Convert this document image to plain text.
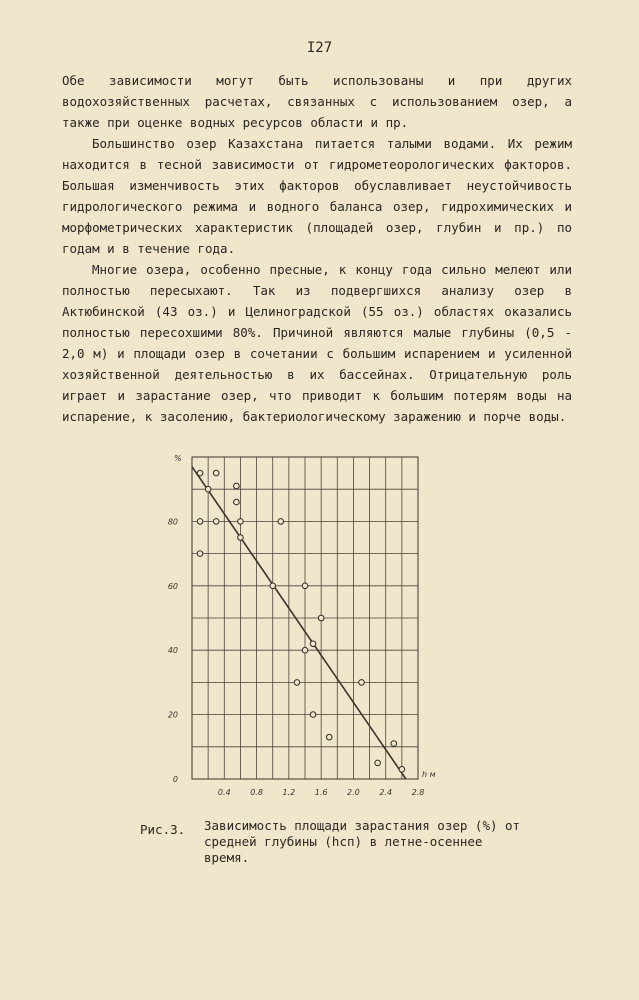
I27

Обе зависимости могут быть использованы и при других водохозяйственных расчетах, связанных с использованием озер, а также при оценке водных ресурсов области и пр.

Большинство озер Казахстана питается талыми водами. Их режим находится в тесной зависимости от гидрометеорологических факторов. Большая изменчивость этих факторов обуславливает неустойчивость гидрологического режима и водного баланса озер, гидрохимических и морфометрических характеристик (площадей озер, глубин и пр.) по годам и в течение года.

Многие озера, особенно пресные, к концу года сильно мелеют или полностью пересыхают. Так из подвергшихся анализу озер в Актюбинской (43 оз.) и Целиноградской (55 оз.) областях оказались полностью пересохшими 80%. Причиной являются малые глубины (0,5 - 2,0 м) и площади озер в сочетании с большим испарением и усиленной хозяйственной деятельностью в их бассейнах. Отрицательную роль играет и зарастание озер, что приводит к большим потерям воды на испарение, к засолению, бактериологическому заражению и порче воды.

0.4 0.8 1.2 1.6 2.0 2.4 2.8
0
20
40
60
80
%
h м
Рис.3. Зависимость площади зарастания озер (%) от средней глубины (hсп) в летне-осеннее время.
